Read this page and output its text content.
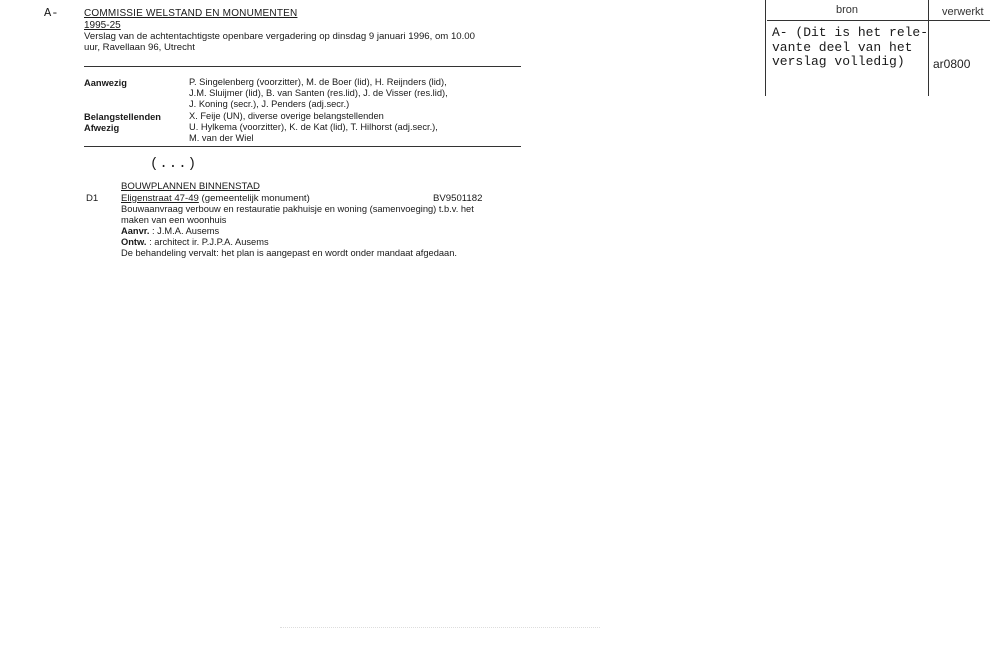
A-	COMMISSIE WELSTAND EN MONUMENTEN
1995-25
Verslag van de achtentachtigste openbare vergadering op dinsdag 9 januari 1996, om 10.00
uur, Ravellaan 96, Utrecht
Aanwezig	P. Singelenberg (voorzitter), M. de Boer (lid), H. Reijnders (lid),
J.M. Sluijmer (lid), B. van Santen (res.lid), J. de Visser (res.lid),
J. Koning (secr.), J. Penders (adj.secr.)
Belangstellenden	X. Feije (UN), diverse overige belangstellenden
Afwezig	U. Hylkema (voorzitter), K. de Kat (lid), T. Hilhorst (adj.secr.),
M. van der Wiel
(...)
BOUWPLANNEN BINNENSTAD
D1 Eligenstraat 47-49 (gemeentelijk monument)	BV9501182
Bouwaanvraag verbouw en restauratie pakhuisje en woning (samenvoeging) t.b.v. het
maken van een woonhuis
Aanvr. : J.M.A. Ausems
Ontw. : architect ir. P.J.P.A. Ausems
De behandeling vervalt: het plan is aangepast en wordt onder mandaat afgedaan.
bron	verwerkt
A- (Dit is het rele-
vante deel van het
verslag volledig)	ar0800
